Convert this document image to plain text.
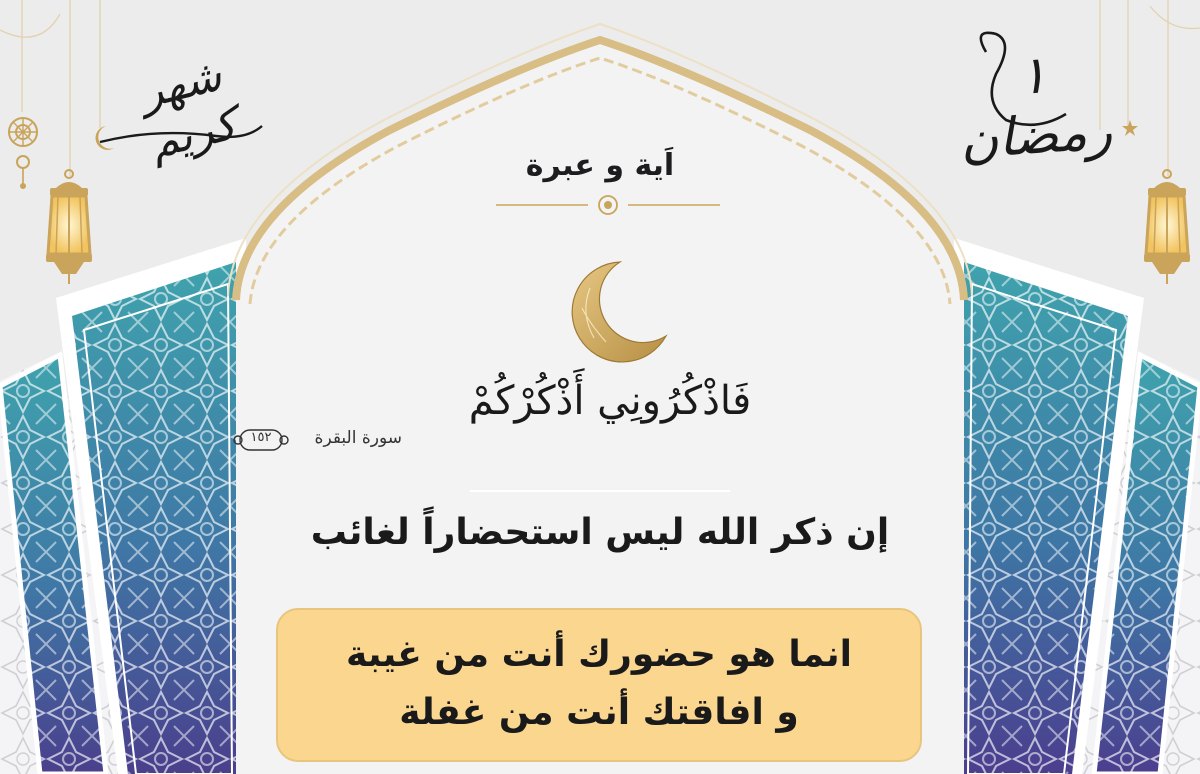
شهر كريم
١ رمضان
اَية و عبرة
فَاذْكُرُونِي أَذْكُرْكُمْ
سورة البقرة
١٥٢
إن ذكر الله ليس استحضاراً لغائب
انما هو حضورك أنت من غيبة
و افاقتك أنت من غفلة
